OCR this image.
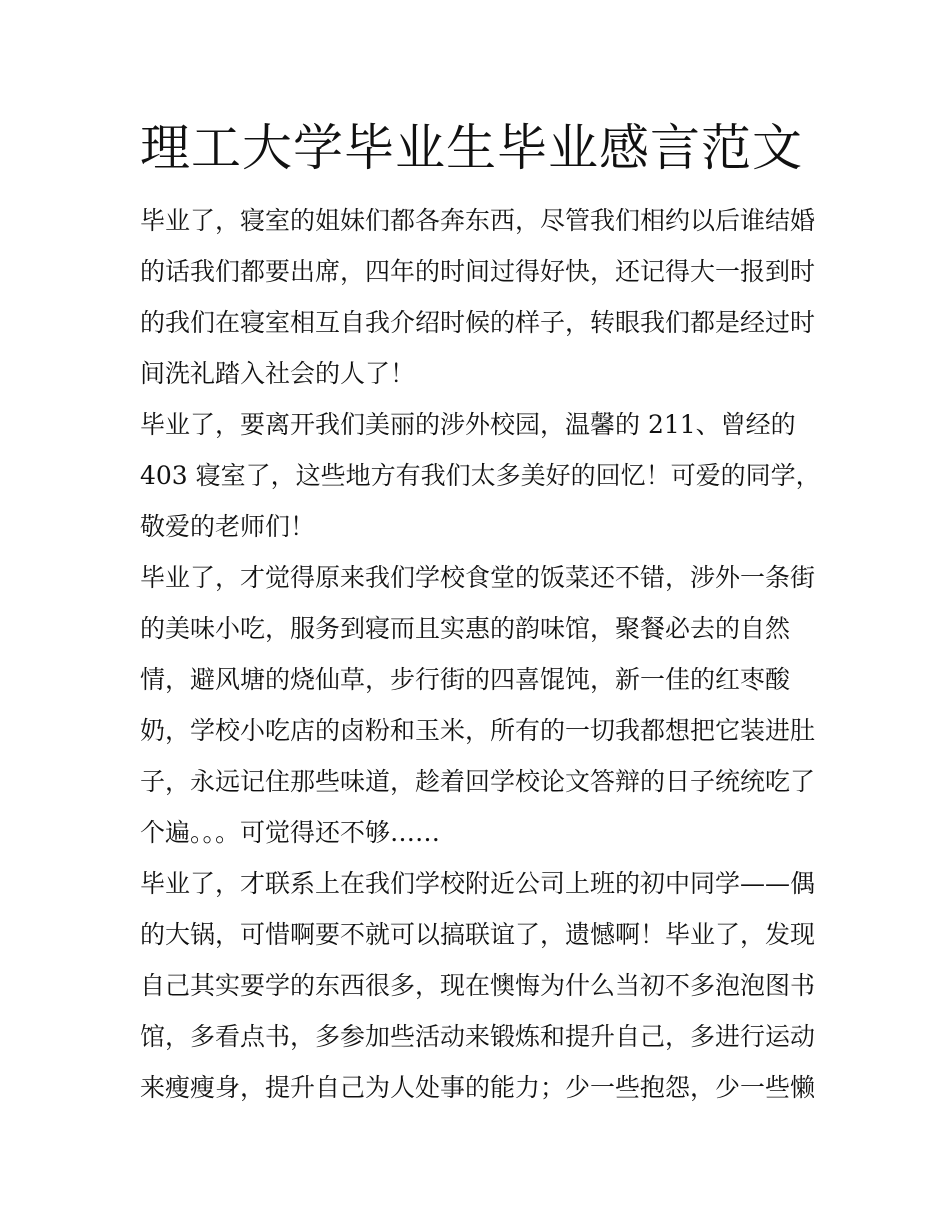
理工大学毕业生毕业感言范文
毕业了，寝室的姐妹们都各奔东西，尽管我们相约以后谁结婚
的话我们都要出席，四年的时间过得好快，还记得大一报到时
的我们在寝室相互自我介绍时候的样子，转眼我们都是经过时
间洗礼踏入社会的人了！
毕业了，要离开我们美丽的涉外校园，温馨的 211、曾经的
403 寝室了，这些地方有我们太多美好的回忆！可爱的同学，
敬爱的老师们！
毕业了，才觉得原来我们学校食堂的饭菜还不错，涉外一条街
的美味小吃，服务到寝而且实惠的韵味馆，聚餐必去的自然
情，避风塘的烧仙草，步行街的四喜馄饨，新一佳的红枣酸
奶，学校小吃店的卤粉和玉米，所有的一切我都想把它装进肚
子，永远记住那些味道，趁着回学校论文答辩的日子统统吃了
个遍。。。可觉得还不够……
毕业了，才联系上在我们学校附近公司上班的初中同学——偶
的大锅，可惜啊要不就可以搞联谊了，遗憾啊！毕业了，发现
自己其实要学的东西很多，现在懊悔为什么当初不多泡泡图书
馆，多看点书，多参加些活动来锻炼和提升自己，多进行运动
来瘦瘦身，提升自己为人处事的能力；少一些抱怨，少一些懒
